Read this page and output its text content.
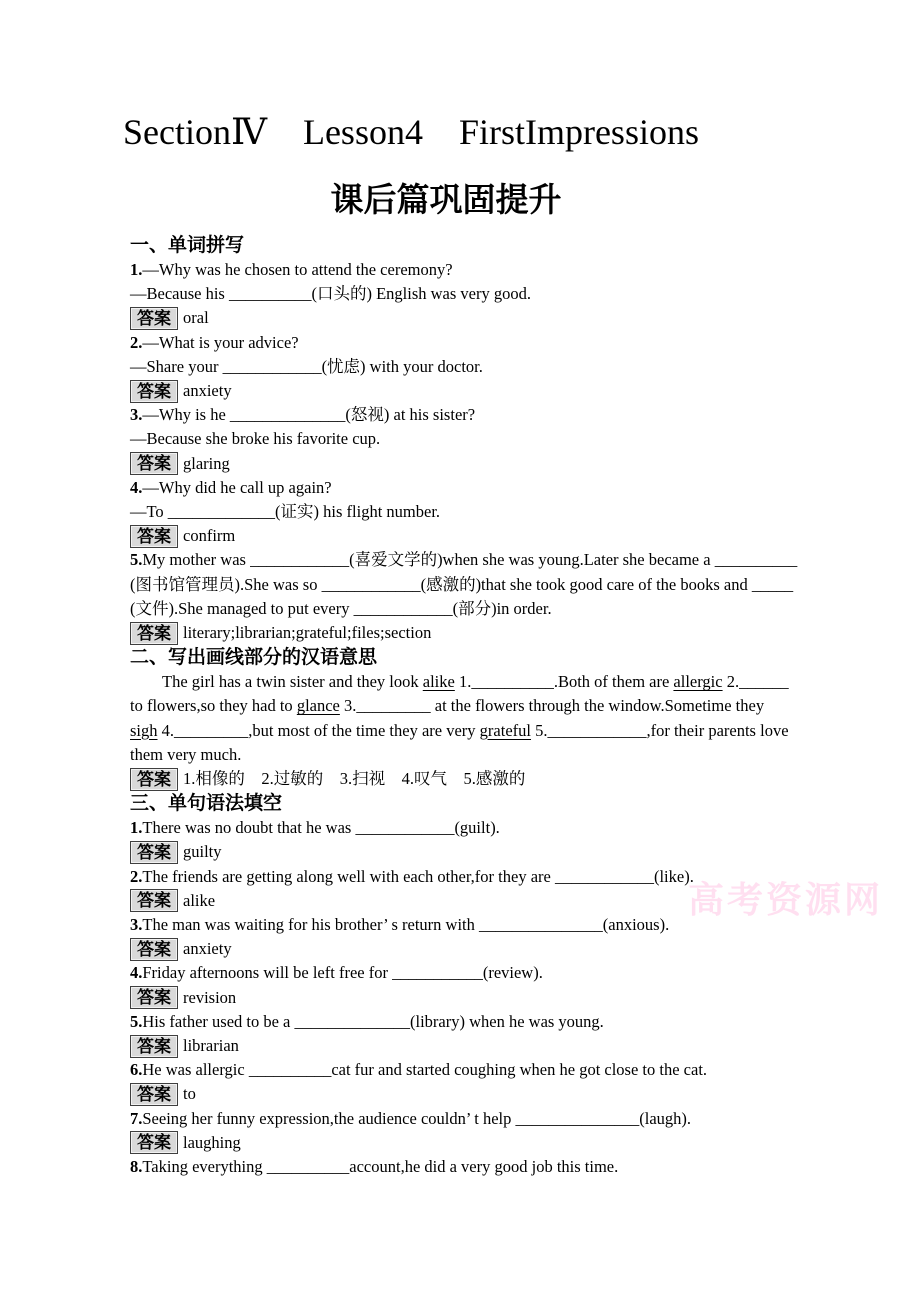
高考资源网
SectionⅣ　Lesson4　FirstImpressions
课后篇巩固提升
一、单词拼写
1.—Why was he chosen to attend the ceremony?
—Because his __________(口头的) English was very good.
答案 oral
2.—What is your advice?
—Share your ____________(忧虑) with your doctor.
答案 anxiety
3.—Why is he ______________(怒视) at his sister?
—Because she broke his favorite cup.
答案 glaring
4.—Why did he call up again?
—To _____________(证实) his flight number.
答案 confirm
5.My mother was ____________(喜爱文学的)when she was young.Later she became a __________
(图书馆管理员).She was so ____________(感激的)that she took good care of the books and _____
(文件).She managed to put every ____________(部分)in order.
答案 literary;librarian;grateful;files;section
二、写出画线部分的汉语意思
The girl has a twin sister and they look alike 1.__________.Both of them are allergic 2.______
to flowers,so they had to glance 3._________ at the flowers through the window.Sometime they
sigh 4._________,but most of the time they are very grateful 5.____________,for their parents love
them very much.
答案 1.相像的　2.过敏的　3.扫视　4.叹气　5.感激的
三、单句语法填空
1.There was no doubt that he was ____________(guilt).
答案 guilty
2.The friends are getting along well with each other,for they are ____________(like).
答案 alike
3.The man was waiting for his brother’ s return with _______________(anxious).
答案 anxiety
4.Friday afternoons will be left free for ___________(review).
答案 revision
5.His father used to be a ______________(library) when he was young.
答案 librarian
6.He was allergic __________cat fur and started coughing when he got close to the cat.
答案 to
7.Seeing her funny expression,the audience couldn’ t help _______________(laugh).
答案 laughing
8.Taking everything __________account,he did a very good job this time.
